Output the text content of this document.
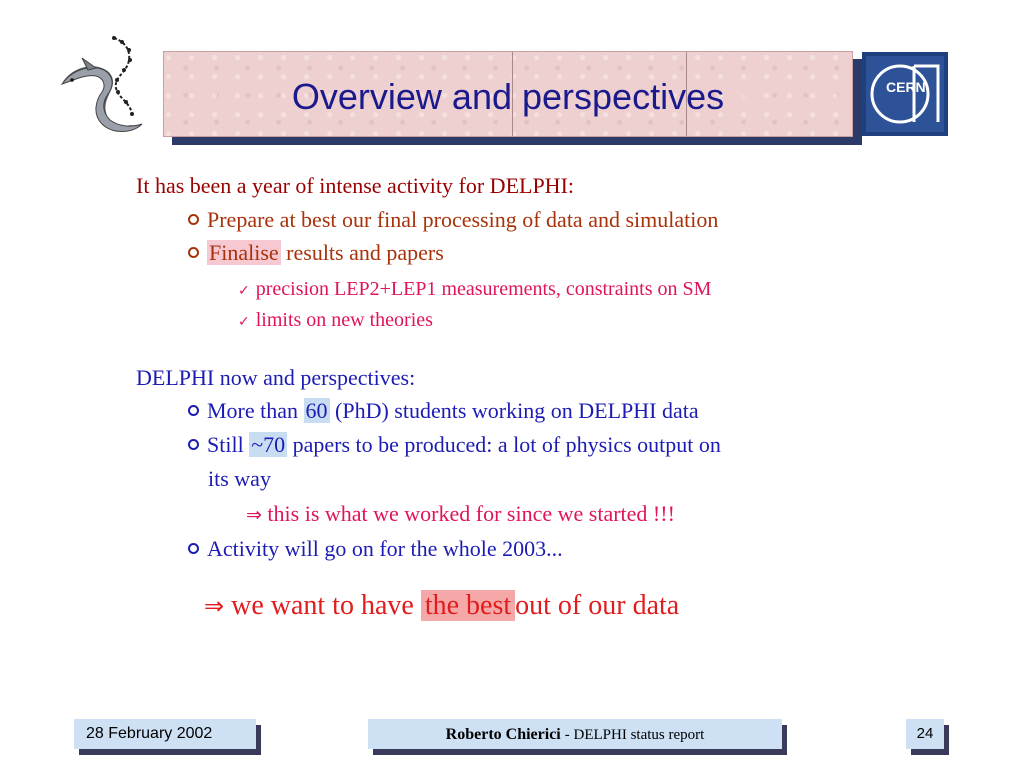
Overview and perspectives	CERN
It has been a year of intense activity for DELPHI:
Prepare at best our final processing of data and simulation
Finalise results and papers
✓ precision LEP2+LEP1 measurements, constraints on SM
✓ limits on new theories
DELPHI now and perspectives:
More than 60 (PhD) students working on DELPHI data
Still ~70 papers to be produced: a lot of physics output on
its way
⇒ this is what we worked for since we started !!!
Activity will go on for the whole 2003...
⇒ we want to have the best out of our data
28 February 2002	Roberto Chierici - DELPHI status report	24
